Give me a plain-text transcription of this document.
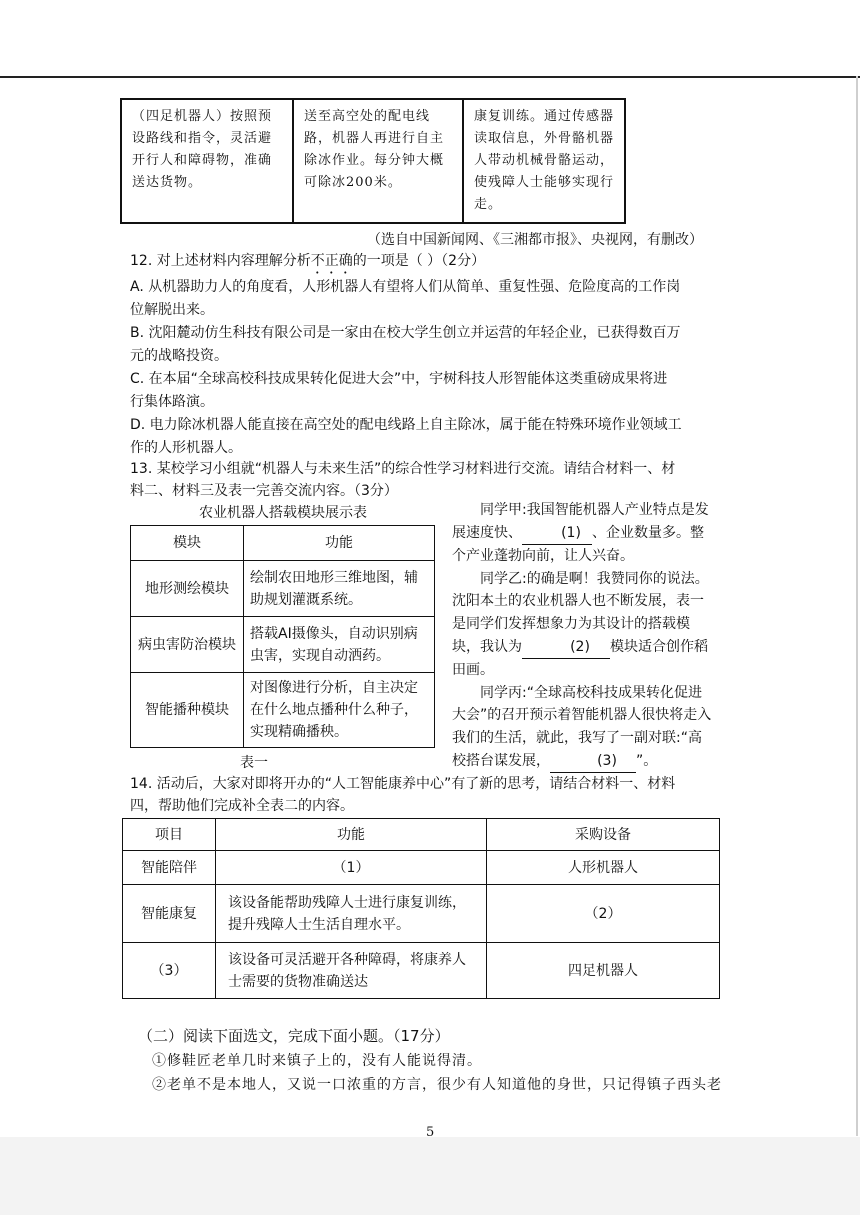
（四足机器人）按照预设路线和指令，灵活避开行人和障碍物，准确送达货物。	送至高空处的配电线路，机器人再进行自主除冰作业。每分钟大概可除冰200米。	康复训练。通过传感器读取信息，外骨骼机器人带动机械骨骼运动，使残障人士能够实现行走。
（选自中国新闻网、《三湘都市报》、央视网，有删改）
12. 对上述材料内容理解分析不正确的一项是（ ）（2分）
A. 从机器助力人的角度看，人形机器人有望将人们从简单、重复性强、危险度高的工作岗
位解脱出来。
B. 沈阳麓动仿生科技有限公司是一家由在校大学生创立并运营的年轻企业，已获得数百万
元的战略投资。
C. 在本届“全球高校科技成果转化促进大会”中，宇树科技人形智能体这类重磅成果将进
行集体路演。
D. 电力除冰机器人能直接在高空处的配电线路上自主除冰，属于能在特殊环境作业领域工
作的人形机器人。
13. 某校学习小组就“机器人与未来生活”的综合性学习材料进行交流。请结合材料一、材
料二、材料三及表一完善交流内容。（3分）
农业机器人搭载模块展示表
模块	功能
地形测绘模块	绘制农田地形三维地图，辅助规划灌溉系统。
病虫害防治模块	搭载AI摄像头，自动识别病虫害，实现自动洒药。
智能播种模块	对图像进行分析，自主决定在什么地点播种什么种子，实现精确播秧。
表一

同学甲:我国智能机器人产业特点是发展速度快、	(1) 、企业数量多。整个产业蓬勃向前，让人兴奋。

同学乙:的确是啊！我赞同你的说法。沈阳本土的农业机器人也不断发展，表一是同学们发挥想象力为其设计的搭载模块，我认为	(2) 模块适合创作稻田画。

同学丙:“全球高校科技成果转化促进大会”的召开预示着智能机器人很快将走入我们的生活，就此，我写了一副对联:“高校搭台谋发展，	(3) ”。

14. 活动后，大家对即将开办的“人工智能康养中心”有了新的思考，请结合材料一、材料
四，帮助他们完成补全表二的内容。
项目	功能	采购设备
智能陪伴	（1）	人形机器人
智能康复	该设备能帮助残障人士进行康复训练，提升残障人士生活自理水平。	（2）
（3）	该设备可灵活避开各种障碍，将康养人士需要的货物准确送达	四足机器人
（二）阅读下面选文，完成下面小题。（17分）
①修鞋匠老单几时来镇子上的，没有人能说得清。
②老单不是本地人，又说一口浓重的方言，很少有人知道他的身世，只记得镇子西头老
5
